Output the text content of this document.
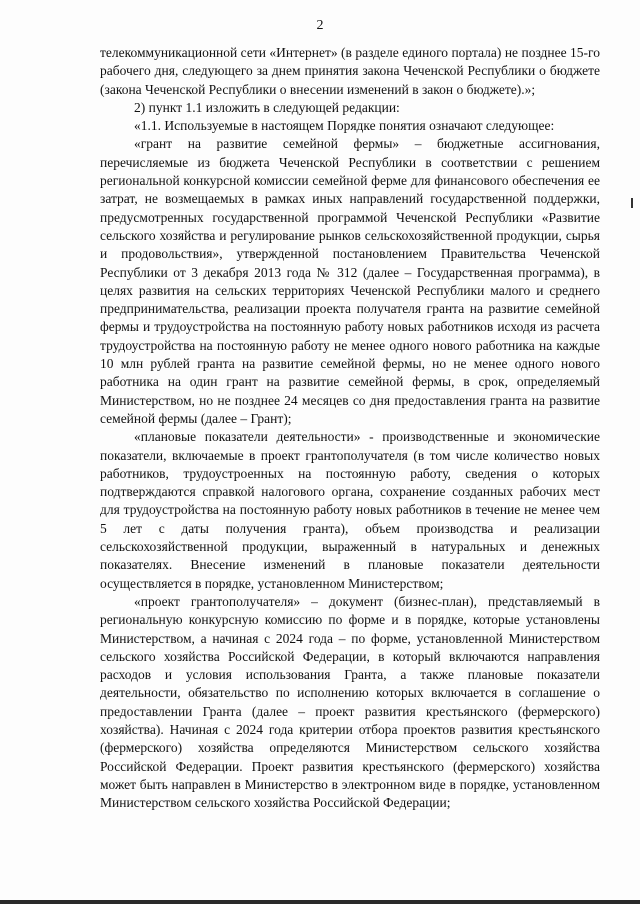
2

телекоммуникационной сети «Интернет» (в разделе единого портала) не позднее 15-го рабочего дня, следующего за днем принятия закона Чеченской Республики о бюджете (закона Чеченской Республики о внесении изменений в закон о бюджете).»;

2) пункт 1.1 изложить в следующей редакции:

«1.1. Используемые в настоящем Порядке понятия означают следующее:

«грант на развитие семейной фермы» – бюджетные ассигнования, перечисляемые из бюджета Чеченской Республики в соответствии с решением региональной конкурсной комиссии семейной ферме для финансового обеспечения ее затрат, не возмещаемых в рамках иных направлений государственной поддержки, предусмотренных государственной программой Чеченской Республики «Развитие сельского хозяйства и регулирование рынков сельскохозяйственной продукции, сырья и продовольствия», утвержденной постановлением Правительства Чеченской Республики от 3 декабря 2013 года № 312 (далее – Государственная программа), в целях развития на сельских территориях Чеченской Республики малого и среднего предпринимательства, реализации проекта получателя гранта на развитие семейной фермы и трудоустройства на постоянную работу новых работников исходя из расчета трудоустройства на постоянную работу не менее одного нового работника на каждые 10 млн рублей гранта на развитие семейной фермы, но не менее одного нового работника на один грант на развитие семейной фермы, в срок, определяемый Министерством, но не позднее 24 месяцев со дня предоставления гранта на развитие семейной фермы (далее – Грант);

«плановые показатели деятельности» - производственные и экономические показатели, включаемые в проект грантополучателя (в том числе количество новых работников, трудоустроенных на постоянную работу, сведения о которых подтверждаются справкой налогового органа, сохранение созданных рабочих мест для трудоустройства на постоянную работу новых работников в течение не менее чем 5 лет с даты получения гранта), объем производства и реализации сельскохозяйственной продукции, выраженный в натуральных и денежных показателях. Внесение изменений в плановые показатели деятельности осуществляется в порядке, установленном Министерством;

«проект грантополучателя» – документ (бизнес-план), представляемый в региональную конкурсную комиссию по форме и в порядке, которые установлены Министерством, а начиная с 2024 года – по форме, установленной Министерством сельского хозяйства Российской Федерации, в который включаются направления расходов и условия использования Гранта, а также плановые показатели деятельности, обязательство по исполнению которых включается в соглашение о предоставлении Гранта (далее – проект развития крестьянского (фермерского) хозяйства). Начиная с 2024 года критерии отбора проектов развития крестьянского (фермерского) хозяйства определяются Министерством сельского хозяйства Российской Федерации. Проект развития крестьянского (фермерского) хозяйства может быть направлен в Министерство в электронном виде в порядке, установленном Министерством сельского хозяйства Российской Федерации;
